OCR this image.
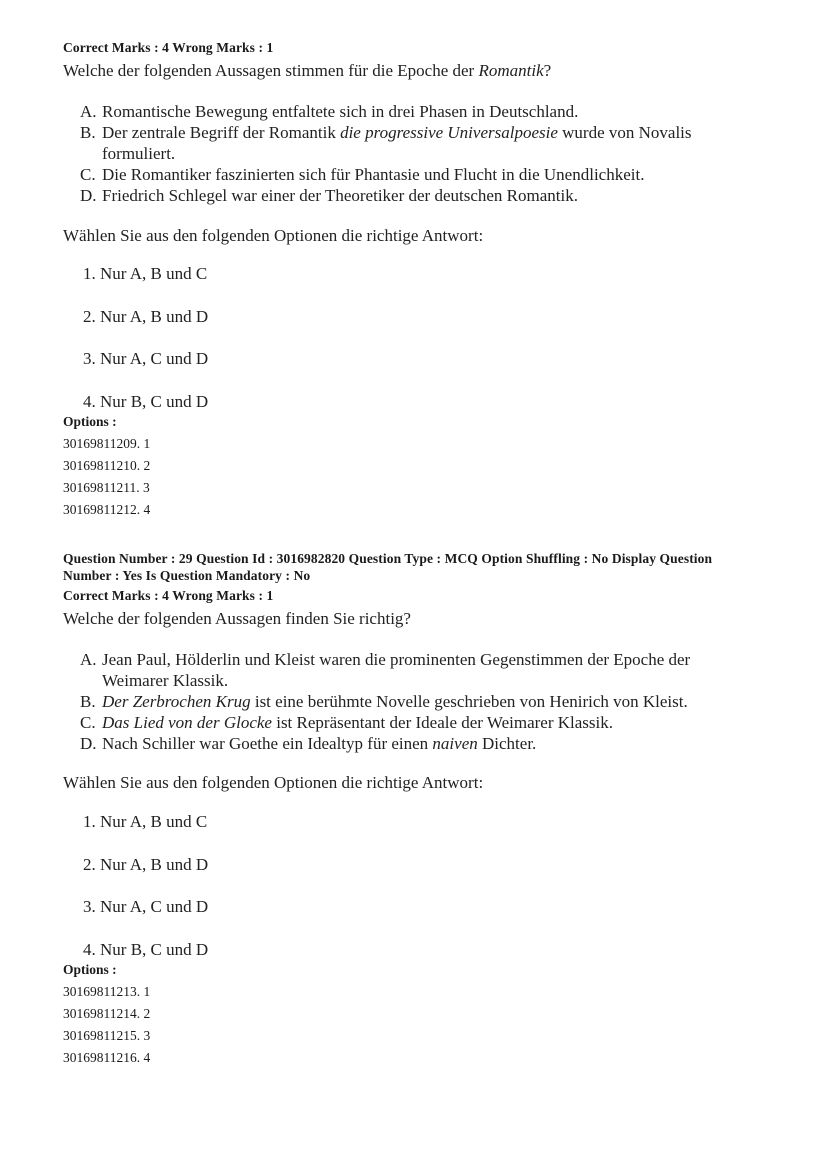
Correct Marks : 4 Wrong Marks : 1
Welche der folgenden Aussagen stimmen für die Epoche der Romantik?
A. Romantische Bewegung entfaltete sich in drei Phasen in Deutschland.
B. Der zentrale Begriff der Romantik die progressive Universalpoesie wurde von Novalis
formuliert.
C. Die Romantiker faszinierten sich für Phantasie und Flucht in die Unendlichkeit.
D. Friedrich Schlegel war einer der Theoretiker der deutschen Romantik.
Wählen Sie aus den folgenden Optionen die richtige Antwort:
1. Nur A, B und C
2. Nur A, B und D
3. Nur A, C und D
4. Nur B, C und D
Options :
30169811209. 1
30169811210. 2
30169811211. 3
30169811212. 4
Question Number : 29 Question Id : 3016982820 Question Type : MCQ Option Shuffling : No Display Question
Number : Yes Is Question Mandatory : No
Correct Marks : 4 Wrong Marks : 1
Welche der folgenden Aussagen finden Sie richtig?
A. Jean Paul, Hölderlin und Kleist waren die prominenten Gegenstimmen der Epoche der
Weimarer Klassik.
B. Der Zerbrochen Krug ist eine berühmte Novelle geschrieben von Henirich von Kleist.
C. Das Lied von der Glocke ist Repräsentant der Ideale der Weimarer Klassik.
D. Nach Schiller war Goethe ein Idealtyp für einen naiven Dichter.
Wählen Sie aus den folgenden Optionen die richtige Antwort:
1. Nur A, B und C
2. Nur A, B und D
3. Nur A, C und D
4. Nur B, C und D
Options :
30169811213. 1
30169811214. 2
30169811215. 3
30169811216. 4
